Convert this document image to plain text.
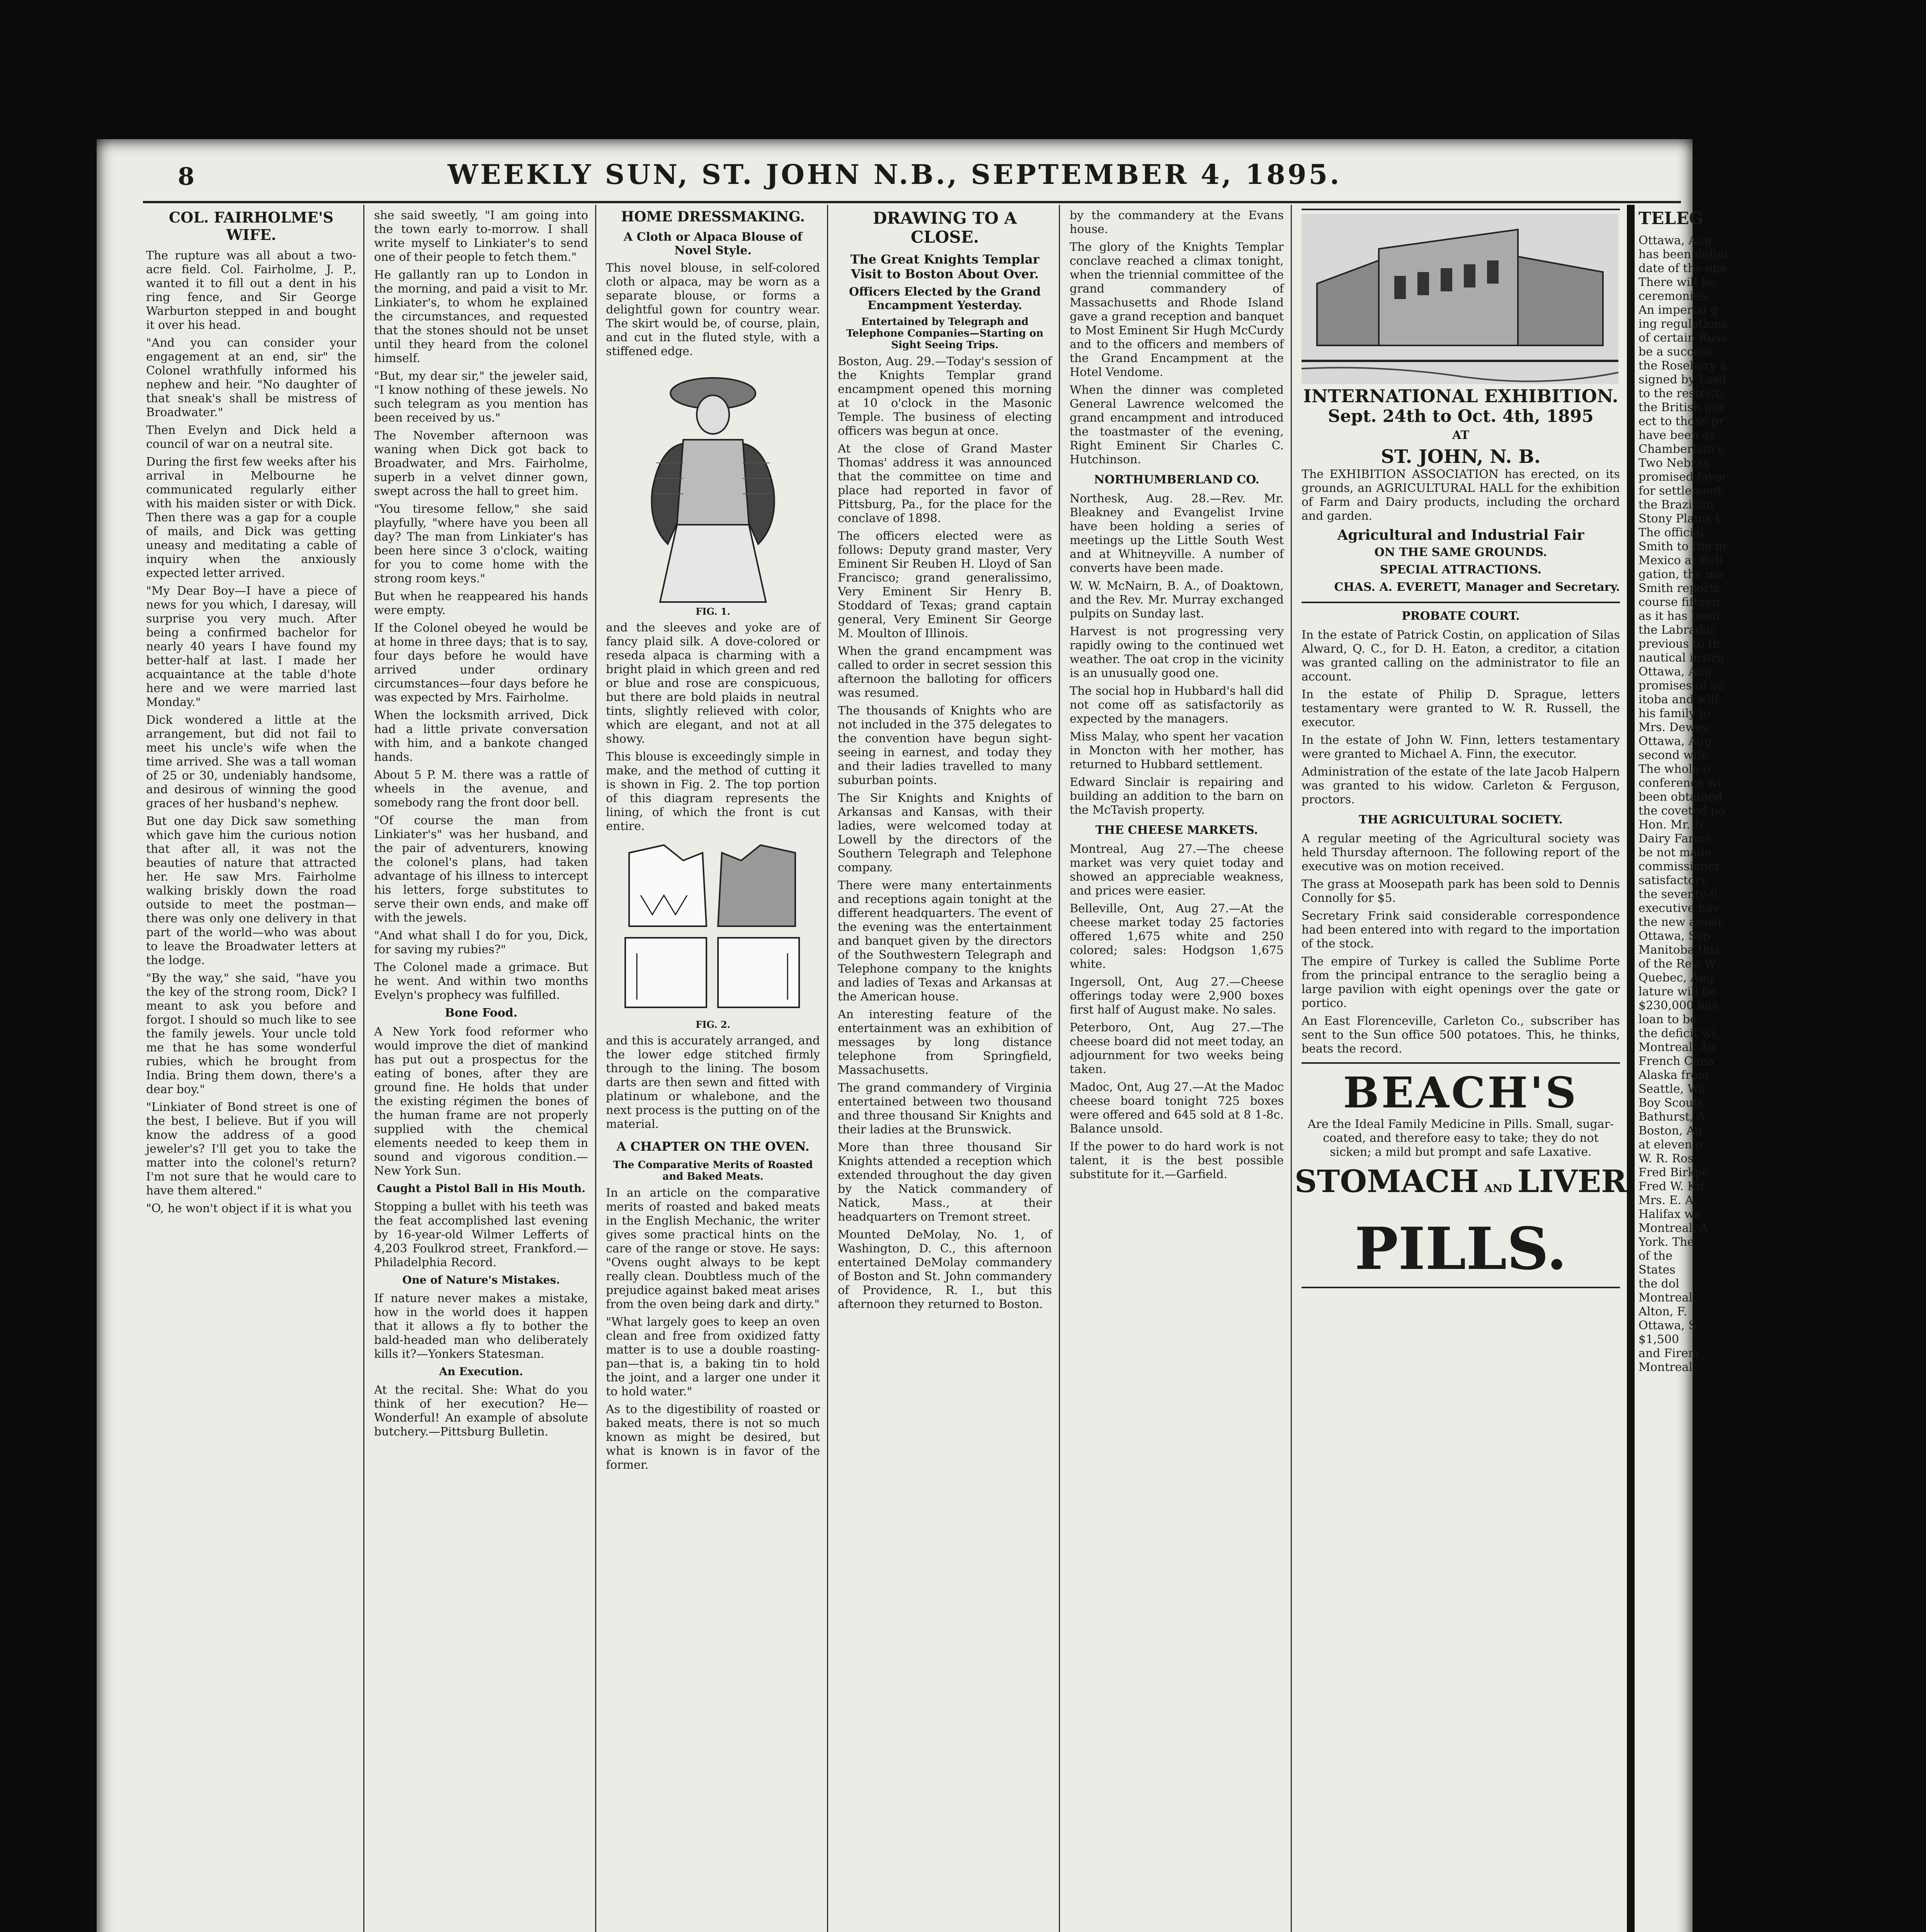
8	WEEKLY SUN, ST. JOHN N.B., SEPTEMBER 4, 1895.
COL. FAIRHOLME'S WIFE.

The rupture was all about a two-acre field. Col. Fairholme, J. P., wanted it to fill out a dent in his ring fence, and Sir George Warburton stepped in and bought it over his head.

"And you can consider your engagement at an end, sir" the Colonel wrathfully informed his nephew and heir. "No daughter of that sneak's shall be mistress of Broadwater."

Then Evelyn and Dick held a council of war on a neutral site.

During the first few weeks after his arrival in Melbourne he communicated regularly either with his maiden sister or with Dick. Then there was a gap for a couple of mails, and Dick was getting uneasy and meditating a cable of inquiry when the anxiously expected letter arrived.

"My Dear Boy—I have a piece of news for you which, I daresay, will surprise you very much. After being a confirmed bachelor for nearly 40 years I have found my better-half at last. I made her acquaintance at the table d'hote here and we were married last Monday."

Dick wondered a little at the arrangement, but did not fail to meet his uncle's wife when the time arrived. She was a tall woman of 25 or 30, undeniably handsome, and desirous of winning the good graces of her husband's nephew.

But one day Dick saw something which gave him the curious notion that after all, it was not the beauties of nature that attracted her. He saw Mrs. Fairholme walking briskly down the road outside to meet the postman—there was only one delivery in that part of the world—who was about to leave the Broadwater letters at the lodge.

"By the way," she said, "have you the key of the strong room, Dick? I meant to ask you before and forgot. I should so much like to see the family jewels. Your uncle told me that he has some wonderful rubies, which he brought from India. Bring them down, there's a dear boy."

"Linkiater of Bond street is one of the best, I believe. But if you will know the address of a good jeweler's? I'll get you to take the matter into the colonel's return? I'm not sure that he would care to have them altered."

"O, he won't object if it is what you

she said sweetly, "I am going into the town early to-morrow. I shall write myself to Linkiater's to send one of their people to fetch them."

He gallantly ran up to London in the morning, and paid a visit to Mr. Linkiater's, to whom he explained the circumstances, and requested that the stones should not be unset until they heard from the colonel himself.

"But, my dear sir," the jeweler said, "I know nothing of these jewels. No such telegram as you mention has been received by us."

The November afternoon was waning when Dick got back to Broadwater, and Mrs. Fairholme, superb in a velvet dinner gown, swept across the hall to greet him.

"You tiresome fellow," she said playfully, "where have you been all day? The man from Linkiater's has been here since 3 o'clock, waiting for you to come home with the strong room keys."

But when he reappeared his hands were empty.

If the Colonel obeyed he would be at home in three days; that is to say, four days before he would have arrived under ordinary circumstances—four days before he was expected by Mrs. Fairholme.

When the locksmith arrived, Dick had a little private conversation with him, and a bankote changed hands.

About 5 P. M. there was a rattle of wheels in the avenue, and somebody rang the front door bell.

"Of course the man from Linkiater's" was her husband, and the pair of adventurers, knowing the colonel's plans, had taken advantage of his illness to intercept his letters, forge substitutes to serve their own ends, and make off with the jewels.

"And what shall I do for you, Dick, for saving my rubies?"

The Colonel made a grimace. But he went. And within two months Evelyn's prophecy was fulfilled.

Bone Food.

A New York food reformer who would improve the diet of mankind has put out a prospectus for the eating of bones, after they are ground fine. He holds that under the existing régimen the bones of the human frame are not properly supplied with the chemical elements needed to keep them in sound and vigorous condition.—New York Sun.

Caught a Pistol Ball in His Mouth.

Stopping a bullet with his teeth was the feat accomplished last evening by 16-year-old Wilmer Lefferts of 4,203 Foulkrod street, Frankford.—Philadelphia Record.

One of Nature's Mistakes.

If nature never makes a mistake, how in the world does it happen that it allows a fly to bother the bald-headed man who deliberately kills it?—Yonkers Statesman.

An Execution.

At the recital. She: What do you think of her execution? He—Wonderful! An example of absolute butchery.—Pittsburg Bulletin.

HOME DRESSMAKING.
A Cloth or Alpaca Blouse of Novel Style.

This novel blouse, in self-colored cloth or alpaca, may be worn as a separate blouse, or forms a delightful gown for country wear. The skirt would be, of course, plain, and cut in the fluted style, with a stiffened edge.

FIG. 1.

and the sleeves and yoke are of fancy plaid silk. A dove-colored or reseda alpaca is charming with a bright plaid in which green and red or blue and rose are conspicuous, but there are bold plaids in neutral tints, slightly relieved with color, which are elegant, and not at all showy.

This blouse is exceedingly simple in make, and the method of cutting it is shown in Fig. 2. The top portion of this diagram represents the lining, of which the front is cut entire.

FIG. 2.

and this is accurately arranged, and the lower edge stitched firmly through to the lining. The bosom darts are then sewn and fitted with platinum or whalebone, and the next process is the putting on of the material.

A CHAPTER ON THE OVEN.
The Comparative Merits of Roasted and Baked Meats.

In an article on the comparative merits of roasted and baked meats in the English Mechanic, the writer gives some practical hints on the care of the range or stove. He says: "Ovens ought always to be kept really clean. Doubtless much of the prejudice against baked meat arises from the oven being dark and dirty."

"What largely goes to keep an oven clean and free from oxidized fatty matter is to use a double roasting-pan—that is, a baking tin to hold the joint, and a larger one under it to hold water."

As to the digestibility of roasted or baked meats, there is not so much known as might be desired, but what is known is in favor of the former.

DRAWING TO A CLOSE.
The Great Knights Templar Visit to Boston About Over.
Officers Elected by the Grand Encampment Yesterday.
Entertained by Telegraph and Telephone Companies—Starting on Sight Seeing Trips.

Boston, Aug. 29.—Today's session of the Knights Templar grand encampment opened this morning at 10 o'clock in the Masonic Temple. The business of electing officers was begun at once.

At the close of Grand Master Thomas' address it was announced that the committee on time and place had reported in favor of Pittsburg, Pa., for the place for the conclave of 1898.

The officers elected were as follows: Deputy grand master, Very Eminent Sir Reuben H. Lloyd of San Francisco; grand generalissimo, Very Eminent Sir Henry B. Stoddard of Texas; grand captain general, Very Eminent Sir George M. Moulton of Illinois.

When the grand encampment was called to order in secret session this afternoon the balloting for officers was resumed.

The thousands of Knights who are not included in the 375 delegates to the convention have begun sight-seeing in earnest, and today they and their ladies travelled to many suburban points.

The Sir Knights and Knights of Arkansas and Kansas, with their ladies, were welcomed today at Lowell by the directors of the Southern Telegraph and Telephone company.

There were many entertainments and receptions again tonight at the different headquarters. The event of the evening was the entertainment and banquet given by the directors of the Southwestern Telegraph and Telephone company to the knights and ladies of Texas and Arkansas at the American house.

An interesting feature of the entertainment was an exhibition of messages by long distance telephone from Springfield, Massachusetts.

The grand commandery of Virginia entertained between two thousand and three thousand Sir Knights and their ladies at the Brunswick.

More than three thousand Sir Knights attended a reception which extended throughout the day given by the Natick commandery of Natick, Mass., at their headquarters on Tremont street.

Mounted DeMolay, No. 1, of Washington, D. C., this afternoon entertained DeMolay commandery of Boston and St. John commandery of Providence, R. I., but this afternoon they returned to Boston.

by the commandery at the Evans house.

The glory of the Knights Templar conclave reached a climax tonight, when the triennial committee of the grand commandery of Massachusetts and Rhode Island gave a grand reception and banquet to Most Eminent Sir Hugh McCurdy and to the officers and members of the Grand Encampment at the Hotel Vendome.

When the dinner was completed General Lawrence welcomed the grand encampment and introduced the toastmaster of the evening, Right Eminent Sir Charles C. Hutchinson.

NORTHUMBERLAND CO.

Northesk, Aug. 28.—Rev. Mr. Bleakney and Evangelist Irvine have been holding a series of meetings up the Little South West and at Whitneyville. A number of converts have been made.

W. W. McNairn, B. A., of Doaktown, and the Rev. Mr. Murray exchanged pulpits on Sunday last.

Harvest is not progressing very rapidly owing to the continued wet weather. The oat crop in the vicinity is an unusually good one.

The social hop in Hubbard's hall did not come off as satisfactorily as expected by the managers.

Miss Malay, who spent her vacation in Moncton with her mother, has returned to Hubbard settlement.

Edward Sinclair is repairing and building an addition to the barn on the McTavish property.

THE CHEESE MARKETS.

Montreal, Aug 27.—The cheese market was very quiet today and showed an appreciable weakness, and prices were easier.

Belleville, Ont, Aug 27.—At the cheese market today 25 factories offered 1,675 white and 250 colored; sales: Hodgson 1,675 white.

Ingersoll, Ont, Aug 27.—Cheese offerings today were 2,900 boxes first half of August make. No sales.

Peterboro, Ont, Aug 27.—The cheese board did not meet today, an adjournment for two weeks being taken.

Madoc, Ont, Aug 27.—At the Madoc cheese board tonight 725 boxes were offered and 645 sold at 8 1-8c. Balance unsold.

If the power to do hard work is not talent, it is the best possible substitute for it.—Garfield.

INTERNATIONAL EXHIBITION.
Sept. 24th to Oct. 4th, 1895
AT
ST. JOHN, N. B.

The EXHIBITION ASSOCIATION has erected, on its grounds, an AGRICULTURAL HALL for the exhibition of Farm and Dairy products, including the orchard and garden.

Agricultural and Industrial Fair
ON THE SAME GROUNDS.
SPECIAL ATTRACTIONS.
CHAS. A. EVERETT, Manager and Secretary.
PROBATE COURT.

In the estate of Patrick Costin, on application of Silas Alward, Q. C., for D. H. Eaton, a creditor, a citation was granted calling on the administrator to file an account.

In the estate of Philip D. Sprague, letters testamentary were granted to W. R. Russell, the executor.

In the estate of John W. Finn, letters testamentary were granted to Michael A. Finn, the executor.

Administration of the estate of the late Jacob Halpern was granted to his widow. Carleton & Ferguson, proctors.

THE AGRICULTURAL SOCIETY.

A regular meeting of the Agricultural society was held Thursday afternoon. The following report of the executive was on motion received.

The grass at Moosepath park has been sold to Dennis Connolly for $5.

Secretary Frink said considerable correspondence had been entered into with regard to the importation of the stock.

The empire of Turkey is called the Sublime Porte from the principal entrance to the seraglio being a large pavilion with eight openings over the gate or portico.

An East Florenceville, Carleton Co., subscriber has sent to the Sun office 500 potatoes. This, he thinks, beats the record.

BEACH'S

Are the Ideal Family Medicine in Pills. Small, sugar-coated, and therefore easy to take; they do not sicken; a mild but prompt and safe Laxative.

STOMACH AND LIVER
PILLS.
TELEG

Ottawa, Aug

has been defini

date of the ope

There will be

ceremonies.

An imperial g

ing regulations

of certain Russ

be a success,

the Rosebery a

signed by Lord

to the restricti

the British gov

ect to those pr

have been as

Chamberlain's

Two Nebras

promised favor

for settlement.

the Brazilian

Stony Plains t

The official

Smith to the m

Mexico at Bell

gation, the mo

Smith reports

course fifteen

as it has been

the Labrador

previous to th

nautical instru

Ottawa, Aug

promises of su

itoba and will

his family to

Mrs. Dewey,

Ottawa, Aug

second wife.

The whole o

conference wi

been obtained

the coveted po

Hon. Mr. Iv

Dairy Farme

be not made

commissioner

satisfactory

the seventy-fi

executive hav

the new assist

Ottawa, Sep

Manitoba this

of the Rev. W

Quebec, Aug

lature will be

$230,000 has

loan to be

the deficit wi

Montreal, Au

French Cana

Alaska from

Seattle, Wa

Boy Scouts,

Bathurst, A

Boston, Au

at eleven o'

W. R. Ros

Fred Birkpe

Fred W. Kir

Mrs. E. A.

Halifax wa

Montreal, A

York. The

of the

States

the dol

Montreal,

Alton, F.

Ottawa, S

$1,500

and Firem

Montreal,
